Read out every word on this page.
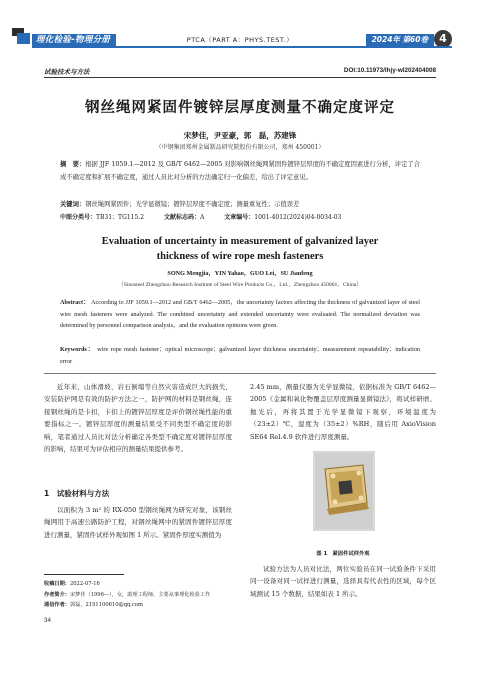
理化检验-物理分册	PTCA（PART A：PHYS.TEST.）	2024年 第60卷	4
试验技术与方法	DOI:10.11973/lhjy-wl202404008
钢丝绳网紧固件镀锌层厚度测量不确定度评定
宋梦佳，尹亚豪，郭　磊，苏建锋
（中钢集团郑州金属制品研究院股份有限公司，郑州 450001）
摘　要：根据 JJF 1059.1—2012 及 GB/T 6462—2005 对影响钢丝绳网紧固件镀锌层厚度的不确定度因素进行分析，评定了合成不确定度和扩展不确定度，通过人员比对分析的方法确定归一化偏差，给出了评定意见。
关键词：钢丝绳网紧固件；光学显微镜；镀锌层厚度不确定度；测量重复性；示值误差
中图分类号：TB31；TG115.2	文献标志码：A	文章编号：1001-4012(2024)04-0034-03
Evaluation of uncertainty in measurement of galvanized layer
thickness of wire rope mesh fasteners
SONG Mengjia，YIN Yahao，GUO Lei，SU Jianfeng
（Sinosteel Zhengzhou Research Institute of Steel Wire Products Co.，Ltd.，Zhengzhou 450001，China）
Abstract： According to JJF 1059.1—2012 and GB/T 6462—2005，the uncertainty factors affecting the thickness of galvanized layer of steel wire mesh fasteners were analyzed. The combined uncertainty and extended uncertainty were evaluated. The normalized deviation was determined by personnel comparison analysis，and the evaluation opinions were given.
Keywords： wire rope mesh fastener；optical microscope；galvanized layer thickness uncertainty；measurement repeatability；indication error

近年来，山体滑坡、岩石倒塌等自然灾害造成巨大的损失，安装防护网是有效的防护方法之一，防护网的材料是钢丝绳，连接钢丝绳的是卡扣，卡扣上的镀锌层厚度是评价钢丝绳性能的重要指标之一。镀锌层厚度的测量结果受不同类型不确定度的影响，笔者通过人员比对法分析确定各类型不确定度对镀锌层厚度的影响，结果可为评估相应的测量结果提供参考。

1　试验材料与方法

以面积为 3 m² 的 RX-050 型钢丝绳网为研究对象，该钢丝绳网用于高速公路防护工程，对钢丝绳网中的紧固件镀锌层厚度进行测量，紧固件试样外观如图 1 所示。紧固件厚度实测值为

2.45 mm，测量仪器为光学显微镜，依据标准为 GB/T 6462—2005《金属和氧化物覆盖层厚度测量显微镜法》，将试样研磨、抛光后，再将其置于光学显微镜下观察，环境温度为（23±2）℃，湿度为（35±2）%RH，随后用 AxioVision SE64 Rel.4.9 软件进行厚度测量。

图 1　紧固件试样外观

试验方法为人员对比法，两位实验员在同一试验条件下采用同一设备对同一试样进行测量，选择具有代表性的区域，每个区域测试 15 个数据，结果如表 1 所示。

收稿日期：2022-07-16
作者简介：宋梦佳（1996—），女，助理工程师，主要从事理化检验工作
通信作者：郭磊，2151100610@qq.com
34
